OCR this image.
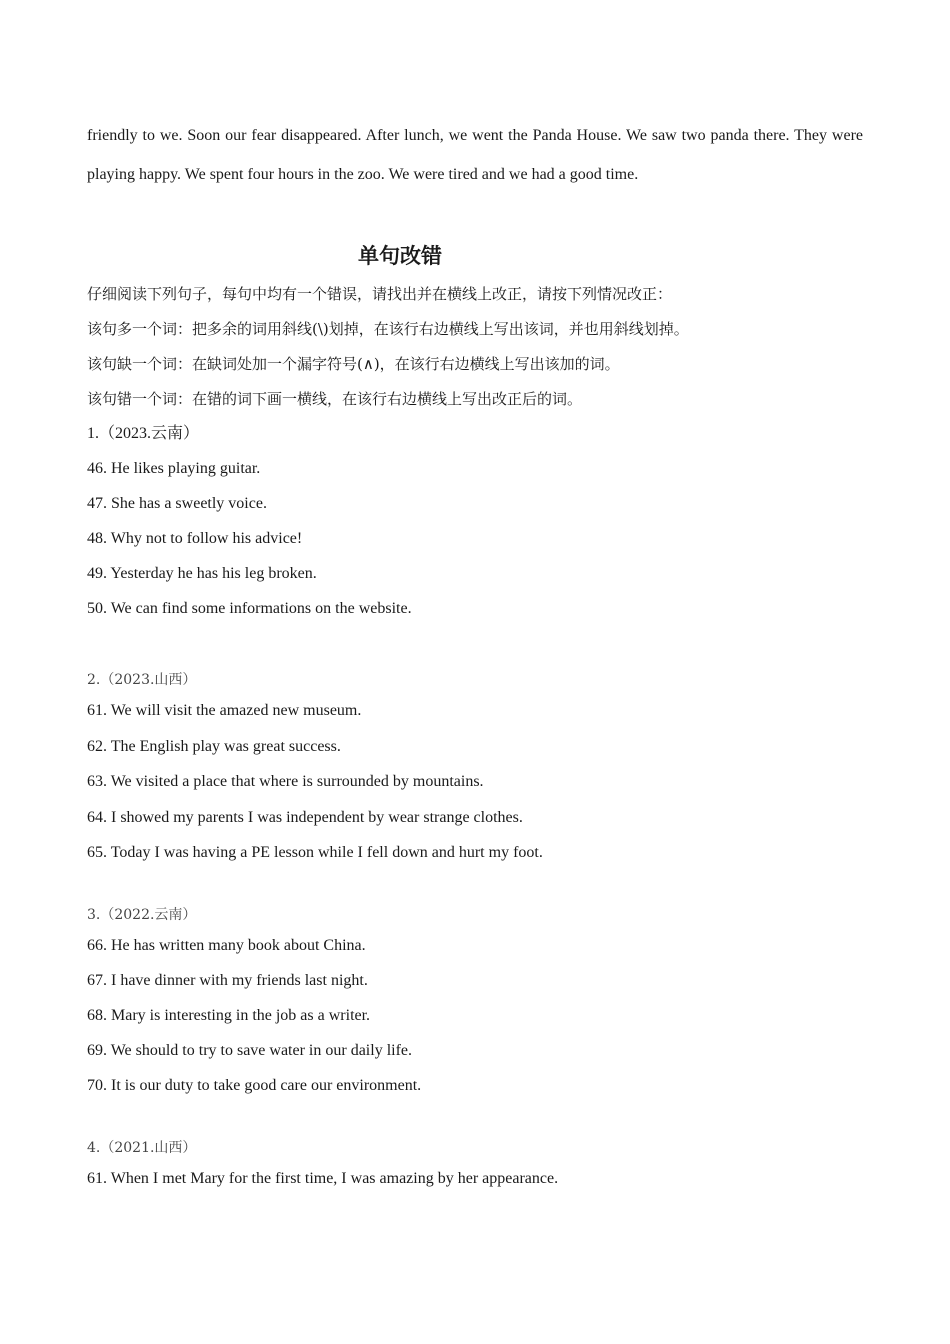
friendly to we. Soon our fear disappeared. After lunch, we went the Panda House. We saw two panda there. They were playing happy. We spent four hours in the zoo. We were tired and we had a good time.
单句改错
仔细阅读下列句子，每句中均有一个错误，请找出并在横线上改正，请按下列情况改正：
该句多一个词：把多余的词用斜线(\)划掉，在该行右边横线上写出该词，并也用斜线划掉。
该句缺一个词：在缺词处加一个漏字符号(∧)，在该行右边横线上写出该加的词。
该句错一个词：在错的词下画一横线，在该行右边横线上写出改正后的词。
1.（2023.云南）
46. He likes playing guitar.
47. She has a sweetly voice.
48. Why not to follow his advice!
49. Yesterday he has his leg broken.
50. We can find some informations on the website.
2.（2023.山西）
61. We will visit the amazed new museum.
62. The English play was great success.
63. We visited a place that where is surrounded by mountains.
64. I showed my parents I was independent by wear strange clothes.
65. Today I was having a PE lesson while I fell down and hurt my foot.
3.（2022.云南）
66. He has written many book about China.
67. I have dinner with my friends last night.
68. Mary is interesting in the job as a writer.
69. We should to try to save water in our daily life.
70. It is our duty to take good care our environment.
4.（2021.山西）
61. When I met Mary for the first time, I was amazing by her appearance.
